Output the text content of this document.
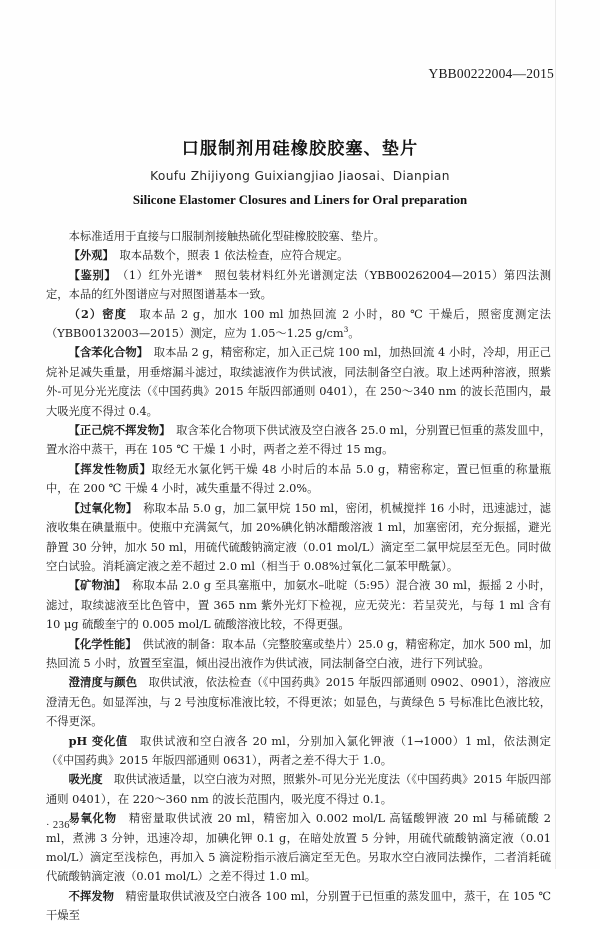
YBB00222004—2015
口服制剂用硅橡胶胶塞、垫片
Koufu Zhijiyong Guixiangjiao Jiaosai、Dianpian
Silicone Elastomer Closures and Liners for Oral preparation

本标准适用于直接与口服制剂接触热硫化型硅橡胶胶塞、垫片。

【外观】　 取本品数个，照表 1 依法检查，应符合规定。

【鉴别】　 （1）红外光谱*　照包装材料红外光谱测定法（YBB00262004—2015）第四法测定，本品的红外图谱应与对照图谱基本一致。

（2）密度　 取本品 2 g，加水 100 ml 加热回流 2 小时，80 ℃ 干燥后，照密度测定法（YBB00132003—2015）测定，应为 1.05～1.25 $g/cm^3$。

【含苯化合物】　 取本品 2 g，精密称定，加入正己烷 100 ml，加热回流 4 小时，冷却，用正己烷补足减失重量，用垂熔漏斗滤过，取续滤液作为供试液，同法制备空白液。取上述两种溶液，照紫外-可见分光光度法（《中国药典》2015 年版四部通则 0401），在 250～340 nm 的波长范围内，最大吸光度不得过 0.4。

【正己烷不挥发物】　 取含苯化合物项下供试液及空白液各 25.0 ml，分别置已恒重的蒸发皿中，置水浴中蒸干，再在 105 ℃ 干燥 1 小时，两者之差不得过 15 mg。

【挥发性物质】取经无水氯化钙干燥 48 小时后的本品 5.0 g，精密称定，置已恒重的称量瓶中，在 200 ℃ 干燥 4 小时，减失重量不得过 2.0%。

【过氧化物】　 称取本品 5.0 g，加二氯甲烷 150 ml，密闭，机械搅拌 16 小时，迅速滤过，滤液收集在碘量瓶中。使瓶中充满氮气，加 20%碘化钠冰醋酸溶液 1 ml，加塞密闭，充分振摇，避光静置 30 分钟，加水 50 ml，用硫代硫酸钠滴定液（0.01 mol/L）滴定至二氯甲烷层至无色。同时做空白试验。消耗滴定液之差不超过 2.0 ml（相当于 0.08%过氧化二氯苯甲酰氯）。

【矿物油】　 称取本品 2.0 g 至具塞瓶中，加氨水–吡啶（5:95）混合液 30 ml，振摇 2 小时，滤过，取续滤液至比色管中，置 365 nm 紫外光灯下检视，应无荧光：若呈荧光，与每 1 ml 含有 10 μg 硫酸奎宁的 0.005 mol/L 硫酸溶液比较，不得更强。

【化学性能】　 供试液的制备：取本品（完整胶塞或垫片）25.0 g，精密称定，加水 500 ml，加热回流 5 小时，放置至室温，倾出浸出液作为供试液，同法制备空白液，进行下列试验。

澄清度与颜色　 取供试液，依法检查（《中国药典》2015 年版四部通则 0902、0901），溶液应澄清无色。如显浑浊，与 2 号浊度标准液比较，不得更浓；如显色，与黄绿色 5 号标准比色液比较，不得更深。

pH 变化值　 取供试液和空白液各 20 ml，分别加入氯化钾液（1→1000）1 ml，依法测定（《中国药典》2015 年版四部通则 0631），两者之差不得大于 1.0。

吸光度　 取供试液适量，以空白液为对照，照紫外-可见分光光度法（《中国药典》2015 年版四部通则 0401），在 220～360 nm 的波长范围内，吸光度不得过 0.1。

易氧化物　 精密量取供试液 20 ml，精密加入 0.002 mol/L 高锰酸钾液 20 ml 与稀硫酸 2 ml，煮沸 3 分钟，迅速冷却，加碘化钾 0.1 g，在暗处放置 5 分钟，用硫代硫酸钠滴定液（0.01 mol/L）滴定至浅棕色，再加入 5 滴淀粉指示液后滴定至无色。另取水空白液同法操作，二者消耗硫代硫酸钠滴定液（0.01 mol/L）之差不得过 1.0 ml。

不挥发物　 精密量取供试液及空白液各 100 ml，分别置于已恒重的蒸发皿中，蒸干，在 105 ℃干燥至

· 236 ·
